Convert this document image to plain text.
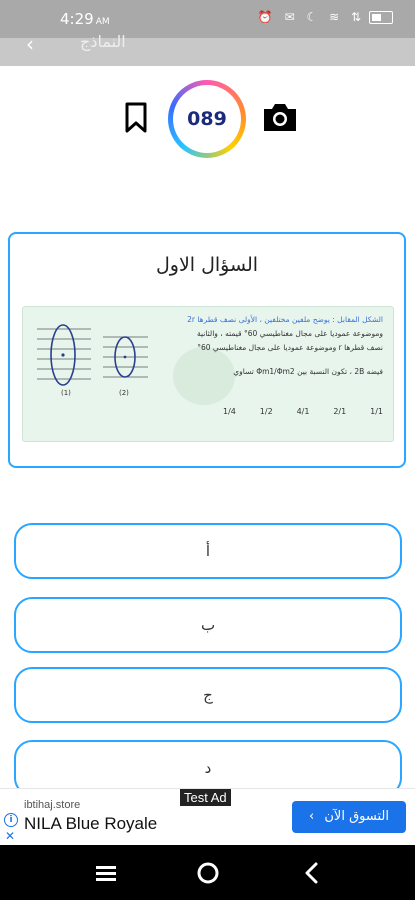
4:29 AM	⏰ ✉ ☾ ≋ ⇅
‹	النماذج
089
السؤال الاول
(1)	(2)
الشكل المقابل : يوضح ملفين مختلفين ، الأولى نصف قطرها 2r
وموضوعة عموديا على مجال مغناطيسي 60° قيمته ، والثانية
نصف قطرها r وموضوعة عموديا على مجال مغناطيسي 60°
فيضه 2B ، تكون النسبة بين Φm1/Φm2 تساوي
1/1
2/1
4/1
1/2
1/4
أ
ب
ج
د
Test Ad
i
✕
ibtihaj.store
NILA Blue Royale	التسوق الآن ›
